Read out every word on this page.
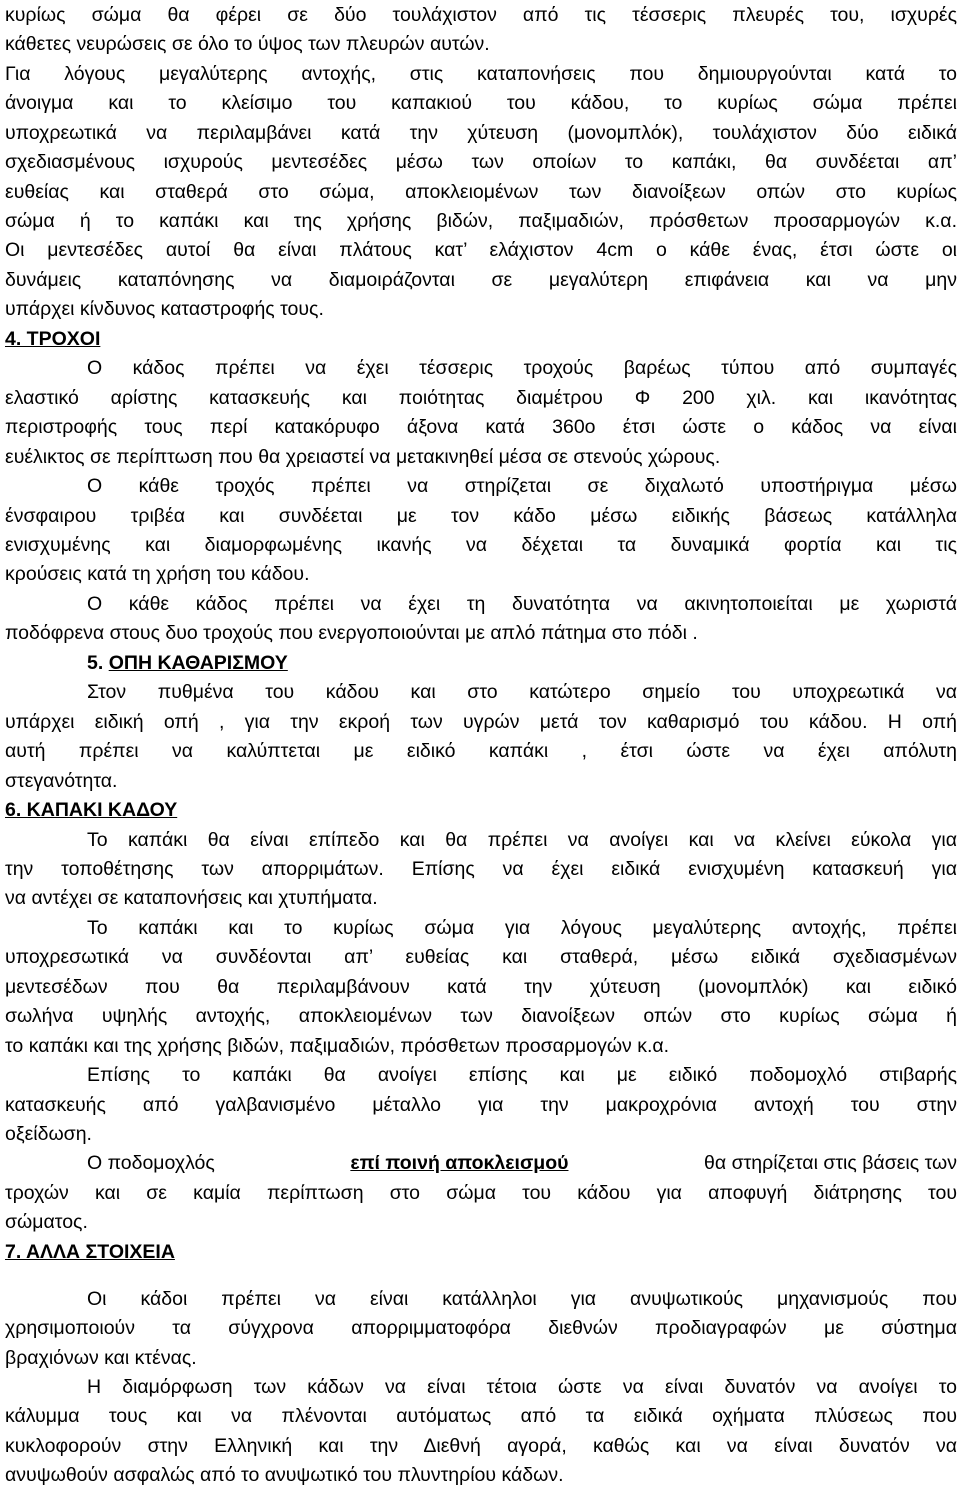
κυρίως σώμα θα φέρει σε δύο τουλάχιστον από τις τέσσερις πλευρές του, ισχυρές
κάθετες νευρώσεις σε όλο το ύψος των πλευρών αυτών.
Για λόγους μεγαλύτερης αντοχής, στις καταπονήσεις που δημιουργούνται κατά το
άνοιγμα και το κλείσιμο του καπακιού του κάδου, το κυρίως σώμα πρέπει
υποχρεωτικά να περιλαμβάνει κατά την χύτευση (μονομπλόκ), τουλάχιστον δύο ειδικά
σχεδιασμένους ισχυρούς μεντεσέδες μέσω των οποίων το καπάκι, θα συνδέεται απ’
ευθείας και σταθερά στο σώμα, αποκλειομένων των διανοίξεων οπών στο κυρίως
σώμα ή το καπάκι και της χρήσης βιδών, παξιμαδιών, πρόσθετων προσαρμογών κ.α.
Οι μεντεσέδες αυτοί θα είναι πλάτους κατ’ ελάχιστον 4cm ο κάθε ένας, έτσι ώστε οι
δυνάμεις καταπόνησης να διαμοιράζονται σε μεγαλύτερη επιφάνεια και να μην
υπάρχει κίνδυνος καταστροφής τους.
4. ΤΡΟΧΟΙ
Ο κάδος πρέπει να έχει τέσσερις τροχούς βαρέως τύπου από συμπαγές
ελαστικό αρίστης κατασκευής και ποιότητας διαμέτρου Φ 200 χιλ. και ικανότητας
περιστροφής τους περί κατακόρυφο άξονα κατά 360ο έτσι ώστε ο κάδος να είναι
ευέλικτος σε περίπτωση που θα χρειαστεί να μετακινηθεί μέσα σε στενούς χώρους.
Ο κάθε τροχός πρέπει να στηρίζεται σε διχαλωτό υποστήριγμα μέσω
ένσφαιρου τριβέα και συνδέεται με τον κάδο μέσω ειδικής βάσεως κατάλληλα
ενισχυμένης και διαμορφωμένης ικανής να δέχεται τα δυναμικά φορτία και τις
κρούσεις κατά τη χρήση του κάδου.
Ο κάθε κάδος πρέπει να έχει τη δυνατότητα να ακινητοποιείται με χωριστά
ποδόφρενα στους δυο τροχούς που ενεργοποιούνται με απλό πάτημα στο πόδι .
5. ΟΠΗ ΚΑΘΑΡΙΣΜΟΥ
Στον πυθμένα του κάδου και στο κατώτερο σημείο του υποχρεωτικά να
υπάρχει ειδική οπή , για την εκροή των υγρών μετά τον καθαρισμό του κάδου. Η οπή
αυτή πρέπει να καλύπτεται με ειδικό καπάκι , έτσι ώστε να έχει απόλυτη
στεγανότητα.
6. ΚΑΠΑΚΙ ΚΑΔΟΥ
Το καπάκι θα είναι επίπεδο και θα πρέπει να ανοίγει και να κλείνει εύκολα για
την τοποθέτησης των απορριμάτων. Επίσης να έχει ειδικά ενισχυμένη κατασκευή για
να αντέχει σε καταπονήσεις και χτυπήματα.
Το καπάκι και το κυρίως σώμα για λόγους μεγαλύτερης αντοχής, πρέπει
υποχρεσωτικά να συνδέονται απ’ ευθείας και σταθερά, μέσω ειδικά σχεδιασμένων
μεντεσέδων που θα περιλαμβάνουν κατά την χύτευση (μονομπλόκ) και ειδικό
σωλήνα υψηλής αντοχής, αποκλειομένων των διανοίξεων οπών στο κυρίως σώμα ή
το καπάκι και της χρήσης βιδών, παξιμαδιών, πρόσθετων προσαρμογών κ.α.
Επίσης το καπάκι θα ανοίγει επίσης και με ειδικό ποδομοχλό στιβαρής
κατασκευής από γαλβανισμένο μέταλλο για την μακροχρόνια αντοχή του στην
οξείδωση.
Ο ποδομοχλός	επί ποινή αποκλεισμού	θα στηρίζεται στις βάσεις των
τροχών και σε καμία περίπτωση στο σώμα του κάδου για αποφυγή διάτρησης του
σώματος.
7. ΑΛΛΑ ΣΤΟΙΧΕΙΑ
Οι κάδοι πρέπει να είναι κατάλληλοι για ανυψωτικούς μηχανισμούς που
χρησιμοποιούν τα σύγχρονα απορριμματοφόρα διεθνών προδιαγραφών με σύστημα
βραχιόνων και κτένας.
Η διαμόρφωση των κάδων να είναι τέτοια ώστε να είναι δυνατόν να ανοίγει το
κάλυμμα τους και να πλένονται αυτόματως από τα ειδικά οχήματα πλύσεως που
κυκλοφορούν στην Ελληνική και την Διεθνή αγορά, καθώς και να είναι δυνατόν να
ανυψωθούν ασφαλώς από το ανυψωτικό του πλυντηρίου κάδων.
